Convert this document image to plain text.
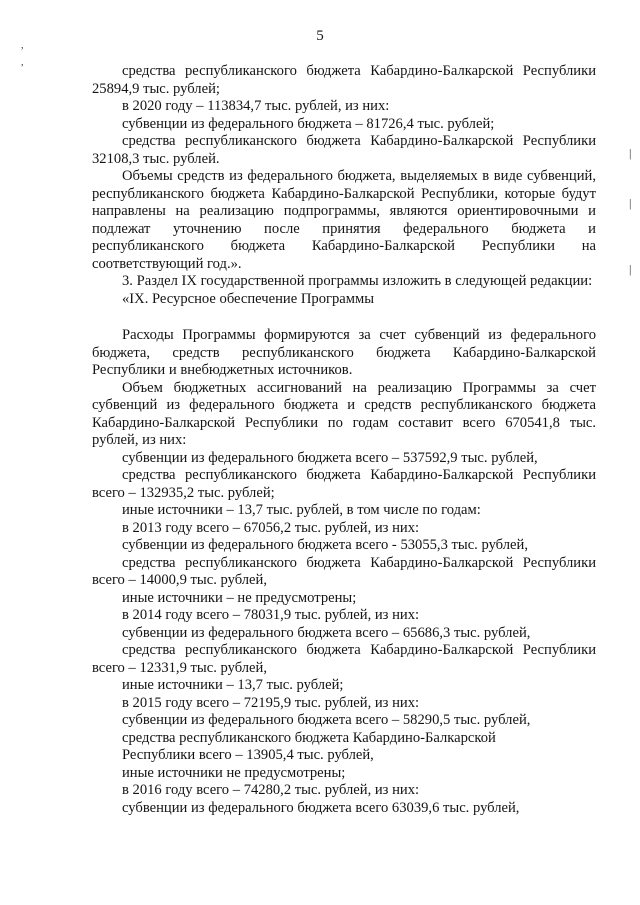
5
,
,
|
|
|

средства республиканского бюджета Кабардино-Балкарской Республики 25894,9 тыс. рублей;

в 2020 году – 113834,7 тыс. рублей, из них:

субвенции из федерального бюджета – 81726,4 тыс. рублей;

средства республиканского бюджета Кабардино-Балкарской Республики 32108,3 тыс. рублей.

Объемы средств из федерального бюджета, выделяемых в виде субвенций, республиканского бюджета Кабардино-Балкарской Республики, которые будут направлены на реализацию подпрограммы, являются ориентировочными и подлежат уточнению после принятия федерального бюджета и республиканского бюджета Кабардино-Балкарской Республики на соответствующий год.».

3. Раздел IX государственной программы изложить в следующей редакции:

«IX. Ресурсное обеспечение Программы

Расходы Программы формируются за счет субвенций из федерального бюджета, средств республиканского бюджета Кабардино-Балкарской Республики и внебюджетных источников.

Объем бюджетных ассигнований на реализацию Программы за счет субвенций из федерального бюджета и средств республиканского бюджета Кабардино-Балкарской Республики по годам составит всего 670541,8 тыс. рублей, из них:

субвенции из федерального бюджета всего – 537592,9 тыс. рублей,

средства республиканского бюджета Кабардино-Балкарской Республики всего – 132935,2 тыс. рублей;

иные источники – 13,7 тыс. рублей, в том числе по годам:

в 2013 году всего – 67056,2 тыс. рублей, из них:

субвенции из федерального бюджета всего - 53055,3 тыс. рублей,

средства республиканского бюджета Кабардино-Балкарской Республики всего – 14000,9 тыс. рублей,

иные источники – не предусмотрены;

в 2014 году всего – 78031,9 тыс. рублей, из них:

субвенции из федерального бюджета всего – 65686,3 тыс. рублей,

средства республиканского бюджета Кабардино-Балкарской Республики всего – 12331,9 тыс. рублей,

иные источники – 13,7 тыс. рублей;

в 2015 году всего – 72195,9 тыс. рублей, из них:

субвенции из федерального бюджета всего – 58290,5 тыс. рублей,

средства республиканского бюджета Кабардино-Балкарской

Республики всего – 13905,4 тыс. рублей,

иные источники не предусмотрены;

в 2016 году всего – 74280,2 тыс. рублей, из них:

субвенции из федерального бюджета всего 63039,6 тыс. рублей,
